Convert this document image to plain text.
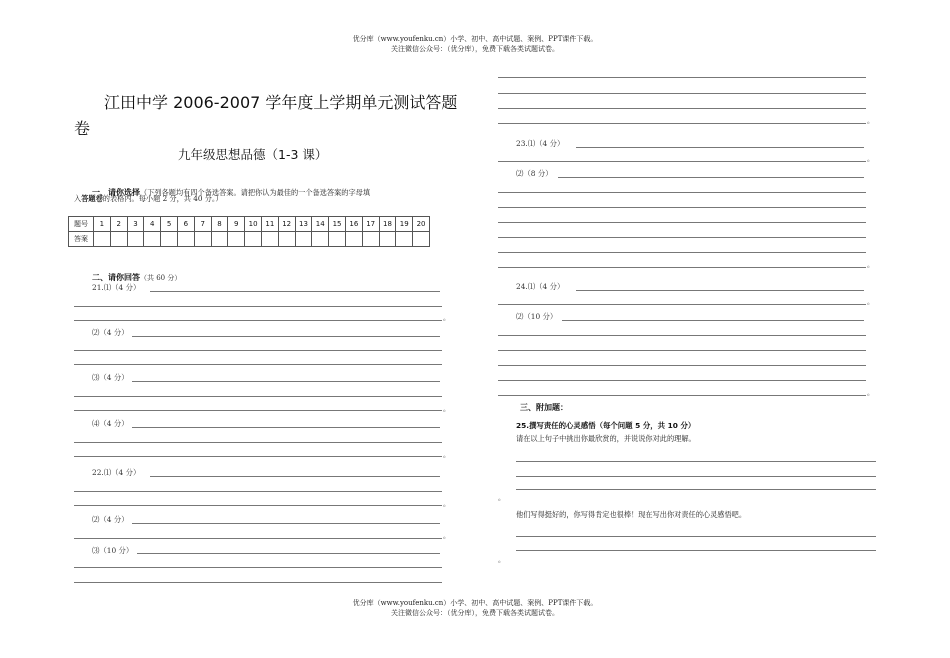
优分库（www.youfenku.cn）小学、初中、高中试题、案例、PPT课件下载。
关注微信公众号：（优分库），免费下载各类试题试卷。
江田中学 2006-2007 学年度上学期单元测试答题
卷
九年级思想品德（1-3 课）
一、请你选择（下列各题均有四个备选答案。请把你认为最佳的一个备选答案的字母填
入答题卷的表格内。每小题 2 分，共 40 分。）
题号	1	2	3	4	5	6	7	8	9	10	11	12	13	14	15	16	17	18	19	20
答案																				
二、请你回答（共 60 分）
21.⑴（4 分）
。
⑵（4 分）
⑶（4 分）
。
⑷（4 分）
。
22.⑴（4 分）
。
⑵（4 分）
。
⑶（10 分）
。
23.⑴（4 分）
。
⑵（8 分）
。
24.⑴（4 分）
。
⑵（10 分）
。
三、附加题：
25.撰写责任的心灵感悟（每个问题 5 分，共 10 分）
请在以上句子中挑出你最欣赏的，并说说你对此的理解。
。
他们写得挺好的，你写得肯定也很棒！现在写出你对责任的心灵感悟吧。
。
优分库（www.youfenku.cn）小学、初中、高中试题、案例、PPT课件下载。
关注微信公众号：（优分库），免费下载各类试题试卷。
